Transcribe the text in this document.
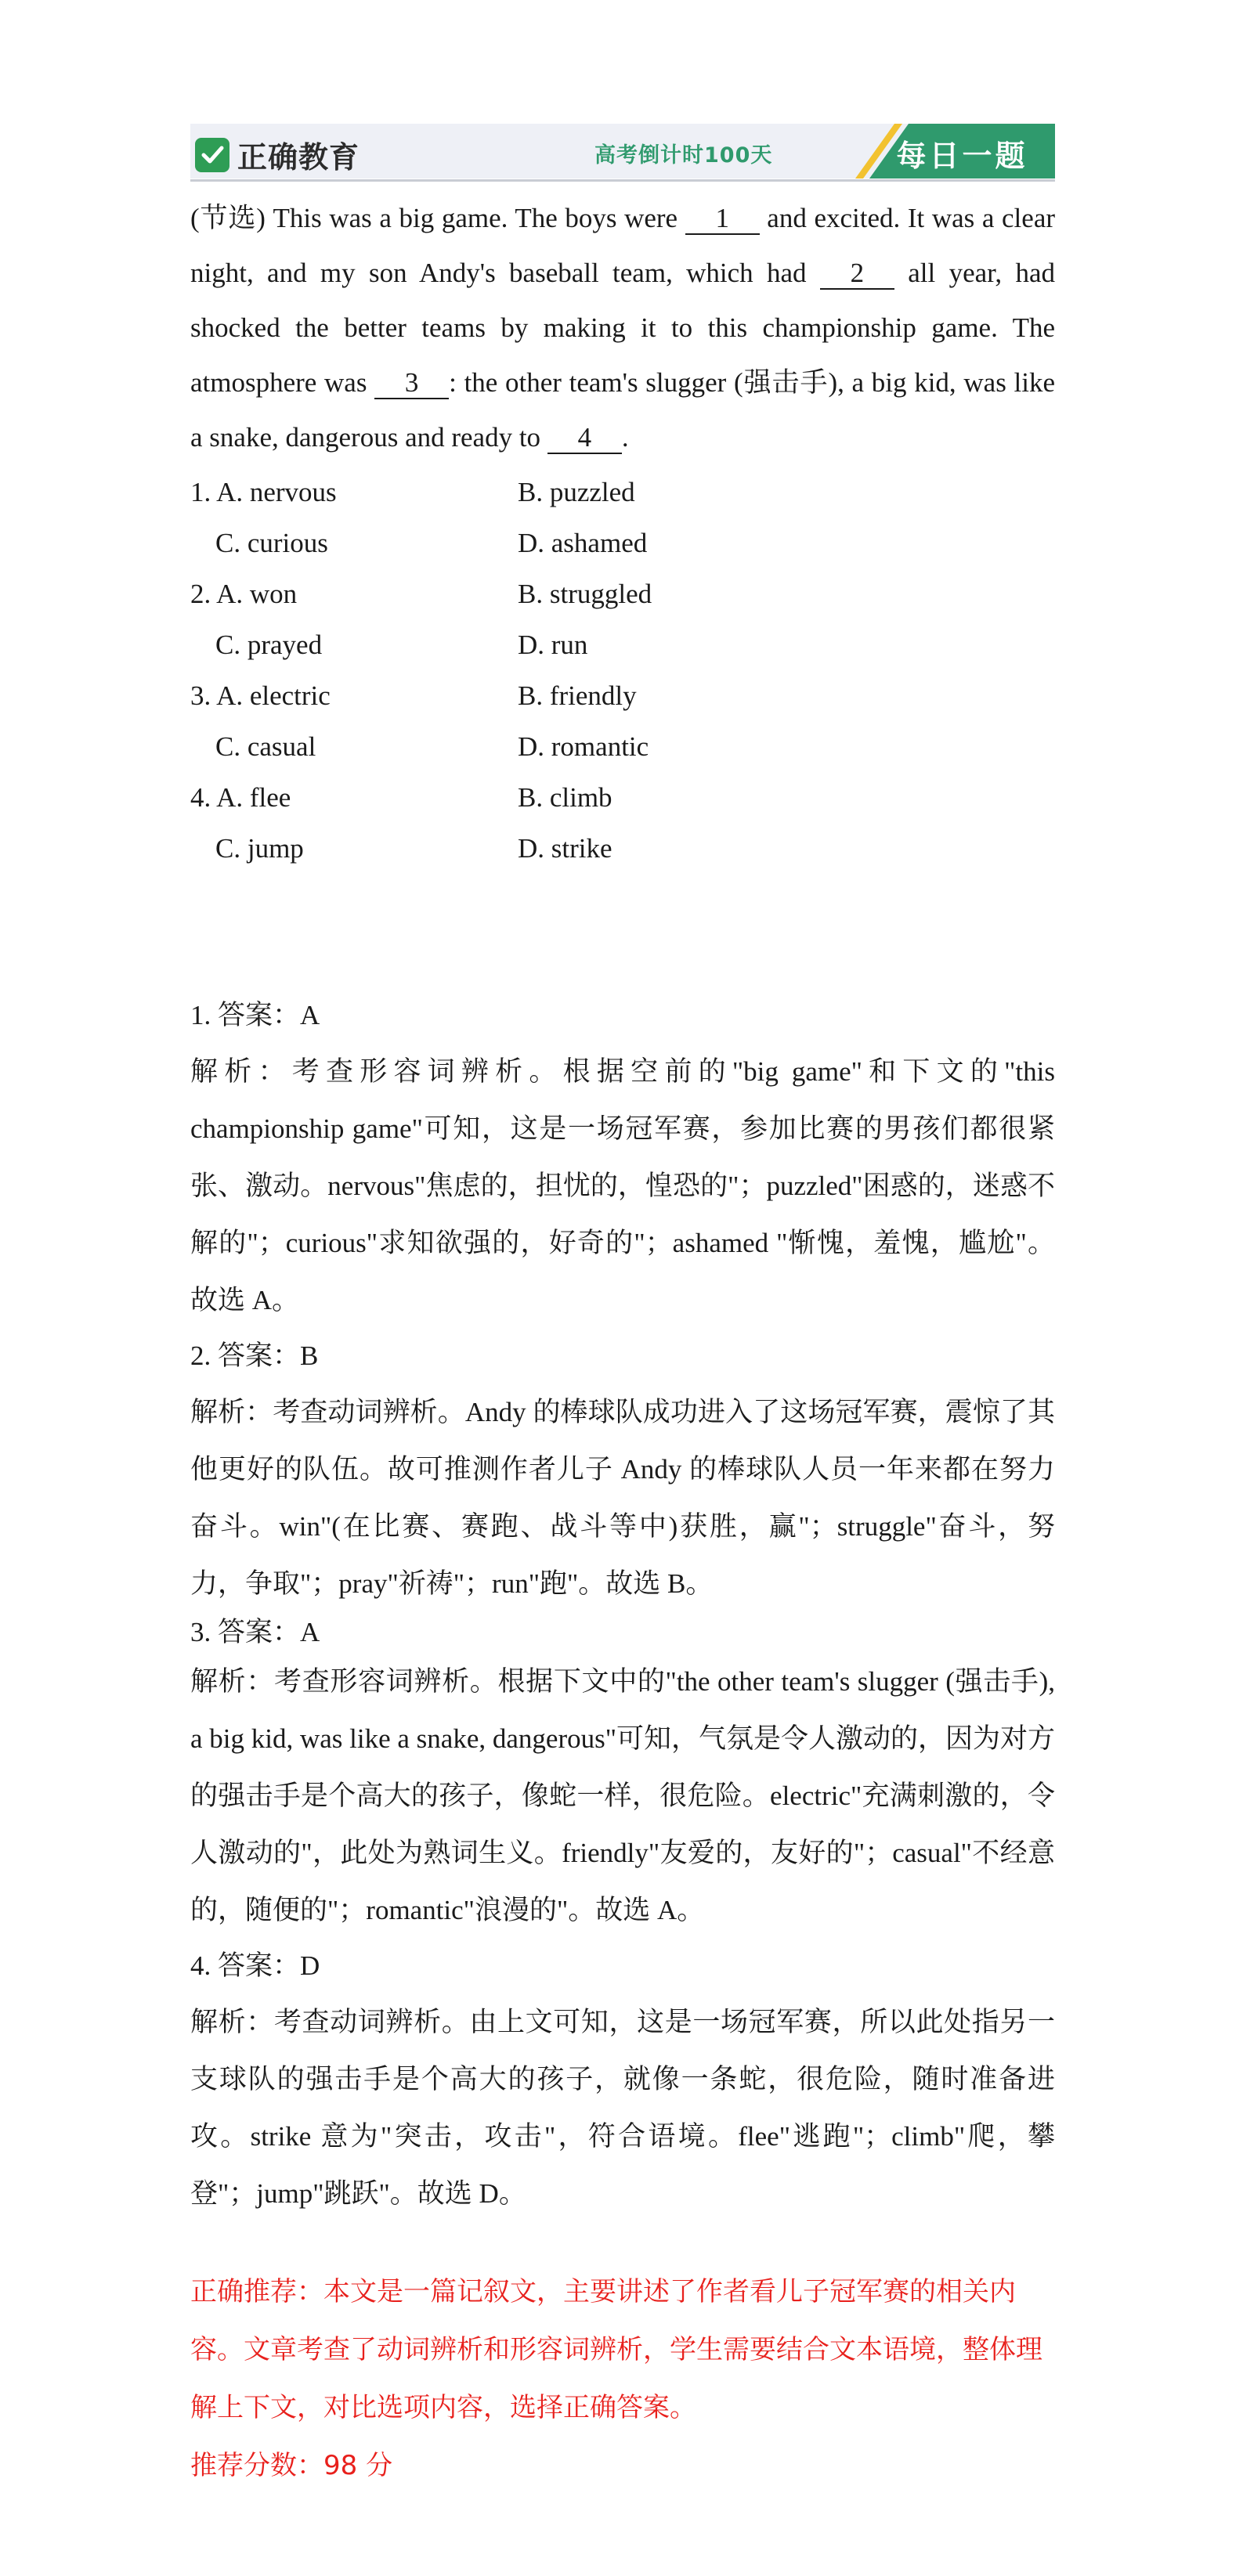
正确教育	高考倒计时100天	每日一题
(节选) This was a big game. The boys were 1 and excited. It was a clear night, and my son Andy's baseball team, which had 2 all year, had shocked the better teams by making it to this championship game. The atmosphere was 3 : the other team's slugger (强击手), a big kid, was like a snake, dangerous and ready to 4 .
1. A. nervous	B. puzzled
C. curious	D. ashamed
2. A. won	B. struggled
C. prayed	D. run
3. A. electric	B. friendly
C. casual	D. romantic
4. A. flee	B. climb
C. jump	D. strike
1. 答案：A
解析：考查形容词辨析。根据空前的"big game"和下文的"this championship game"可知，这是一场冠军赛，参加比赛的男孩们都很紧张、激动。nervous"焦虑的，担忧的，惶恐的"；puzzled"困惑的，迷惑不解的"；curious"求知欲强的，好奇的"；ashamed "惭愧，羞愧，尴尬"。故选 A。
2. 答案：B
解析：考查动词辨析。Andy 的棒球队成功进入了这场冠军赛，震惊了其他更好的队伍。故可推测作者儿子 Andy 的棒球队人员一年来都在努力奋斗。win"(在比赛、赛跑、战斗等中)获胜，赢"；struggle"奋斗，努力，争取"；pray"祈祷"；run"跑"。故选 B。
3. 答案：A
解析：考查形容词辨析。根据下文中的"the other team's slugger (强击手), a big kid, was like a snake, dangerous"可知，气氛是令人激动的，因为对方的强击手是个高大的孩子，像蛇一样，很危险。electric"充满刺激的，令人激动的"，此处为熟词生义。friendly"友爱的，友好的"；casual"不经意的，随便的"；romantic"浪漫的"。故选 A。
4. 答案：D
解析：考查动词辨析。由上文可知，这是一场冠军赛，所以此处指另一支球队的强击手是个高大的孩子，就像一条蛇，很危险，随时准备进攻。strike 意为"突击，攻击"，符合语境。flee"逃跑"；climb"爬，攀登"；jump"跳跃"。故选 D。
正确推荐：本文是一篇记叙文，主要讲述了作者看儿子冠军赛的相关内容。文章考查了动词辨析和形容词辨析，学生需要结合文本语境，整体理解上下文，对比选项内容，选择正确答案。
推荐分数：98 分
